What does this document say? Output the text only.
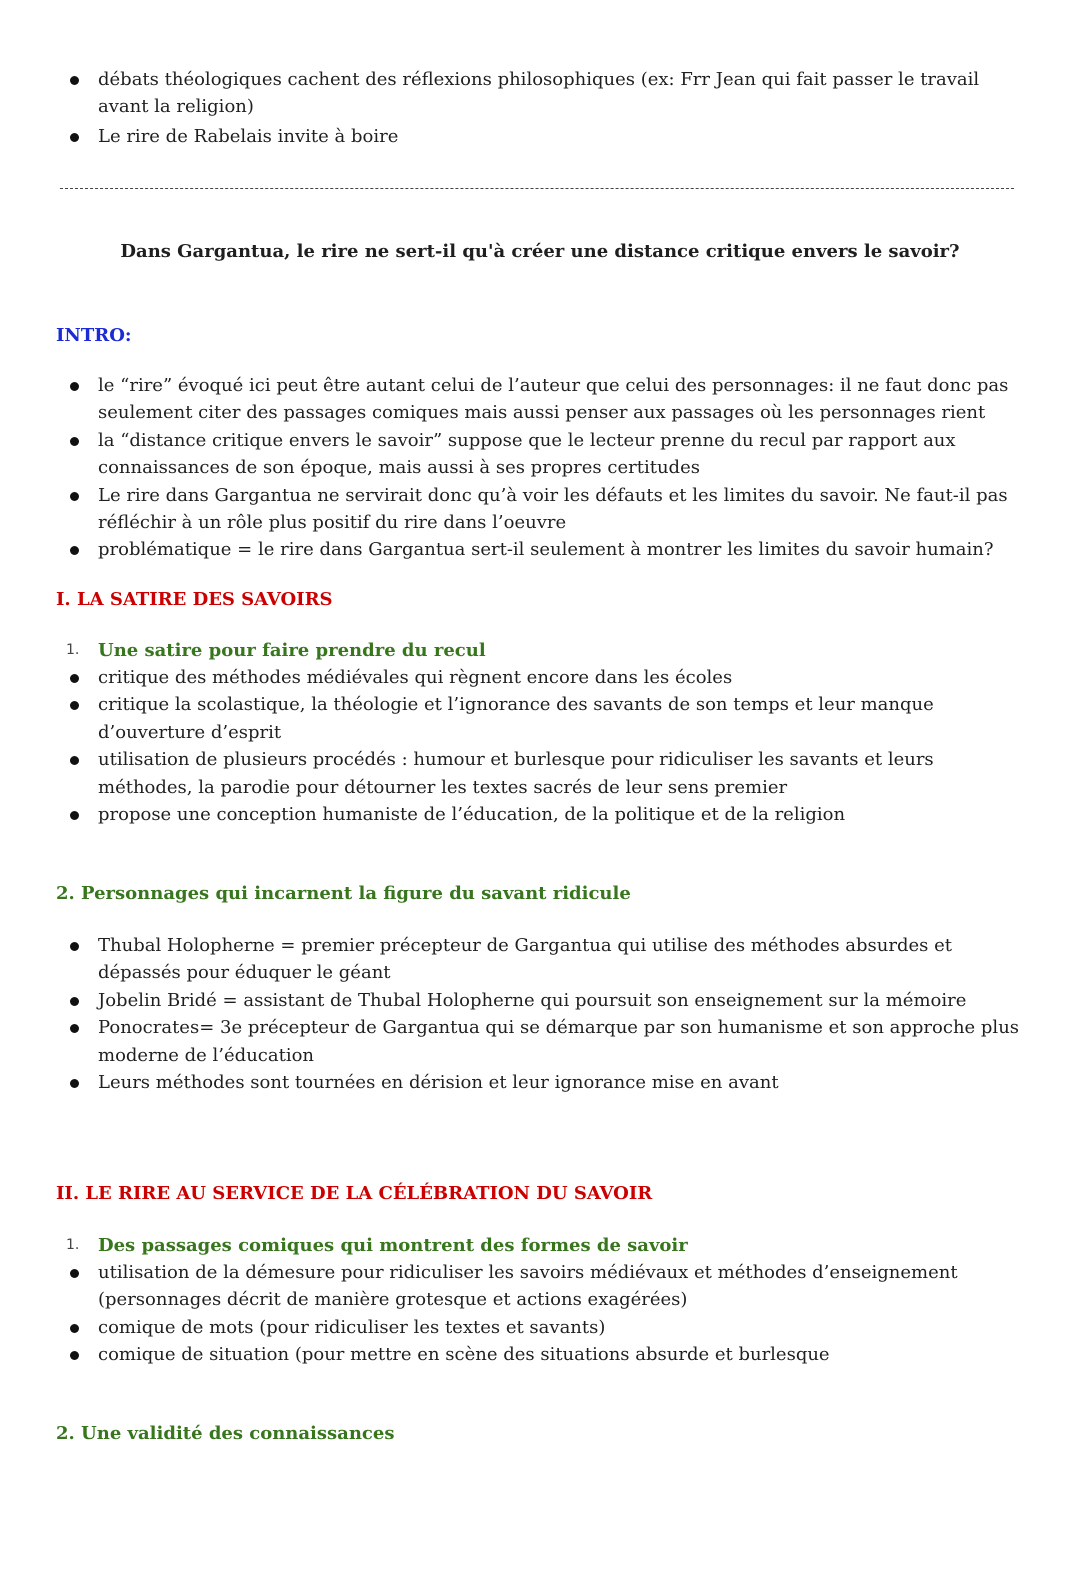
débats théologiques cachent des réflexions philosophiques (ex: Frr Jean qui fait passer le travail avant la religion)
Le rire de Rabelais invite à boire
Dans Gargantua, le rire ne sert-il qu'à créer une distance critique envers le savoir?
INTRO:
le “rire” évoqué ici peut être autant celui de l’auteur que celui des personnages: il ne faut donc pas seulement citer des passages comiques mais aussi penser aux passages où les personnages rient
la “distance critique envers le savoir” suppose que le lecteur prenne du recul par rapport aux connaissances de son époque, mais aussi à ses propres certitudes
Le rire dans Gargantua ne servirait donc qu’à voir les défauts et les limites du savoir. Ne faut-il pas réfléchir à un rôle plus positif du rire dans l’oeuvre
problématique = le rire dans Gargantua sert-il seulement à montrer les limites du savoir humain?
I. LA SATIRE DES SAVOIRS
1. Une satire pour faire prendre du recul
critique des méthodes médiévales qui règnent encore dans les écoles
critique la scolastique, la théologie et l’ignorance des savants de son temps et leur manque d’ouverture d’esprit
utilisation de plusieurs procédés : humour et burlesque pour ridiculiser les savants et leurs méthodes, la parodie pour détourner les textes sacrés de leur sens premier
propose une conception humaniste de l’éducation, de la politique et de la religion
2. Personnages qui incarnent la figure du savant ridicule
Thubal Holopherne = premier précepteur de Gargantua qui utilise des méthodes absurdes et dépassés pour éduquer le géant
Jobelin Bridé = assistant de Thubal Holopherne qui poursuit son enseignement sur la mémoire
Ponocrates= 3e précepteur de Gargantua qui se démarque par son humanisme et son approche plus moderne de l’éducation
Leurs méthodes sont tournées en dérision et leur ignorance mise en avant
II. LE RIRE AU SERVICE DE LA CÉLÉBRATION DU SAVOIR
1. Des passages comiques qui montrent des formes de savoir
utilisation de la démesure pour ridiculiser les savoirs médiévaux et méthodes d’enseignement (personnages décrit de manière grotesque et actions exagérées)
comique de mots (pour ridiculiser les textes et savants)
comique de situation (pour mettre en scène des situations absurde et burlesque
2. Une validité des connaissances
